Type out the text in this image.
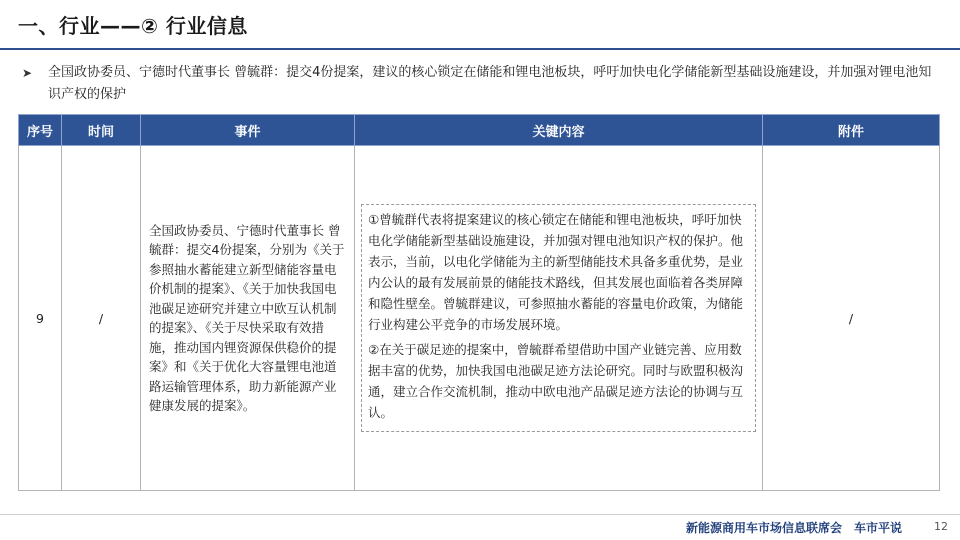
一、行业——② 行业信息
➤ 全国政协委员、宁德时代董事长 曾毓群：提交4份提案，建议的核心锁定在储能和锂电池板块，呼吁加快电化学储能新型基础设施建设，并加强对锂电池知识产权的保护
序号	时间	事件	关键内容	附件
9	/	全国政协委员、宁德时代董事长 曾毓群：提交4份提案，分别为《关于参照抽水蓄能建立新型储能容量电价机制的提案》、《关于加快我国电池碳足迹研究并建立中欧互认机制的提案》、《关于尽快采取有效措施，推动国内锂资源保供稳价的提案》和《关于优化大容量锂电池道路运输管理体系，助力新能源产业健康发展的提案》。	①曾毓群代表将提案建议的核心锁定在储能和锂电池板块，呼吁加快电化学储能新型基础设施建设，并加强对锂电池知识产权的保护。他表示，当前，以电化学储能为主的新型储能技术具备多重优势，是业内公认的最有发展前景的储能技术路线，但其发展也面临着各类屏障和隐性壁垒。曾毓群建议，可参照抽水蓄能的容量电价政策，为储能行业构建公平竞争的市场发展环境。

②在关于碳足迹的提案中，曾毓群希望借助中国产业链完善、应用数据丰富的优势，加快我国电池碳足迹方法论研究。同时与欧盟积极沟通，建立合作交流机制，推动中欧电池产品碳足迹方法论的协调与互认。	/
新能源商用车市场信息联席会　车市平说	12
